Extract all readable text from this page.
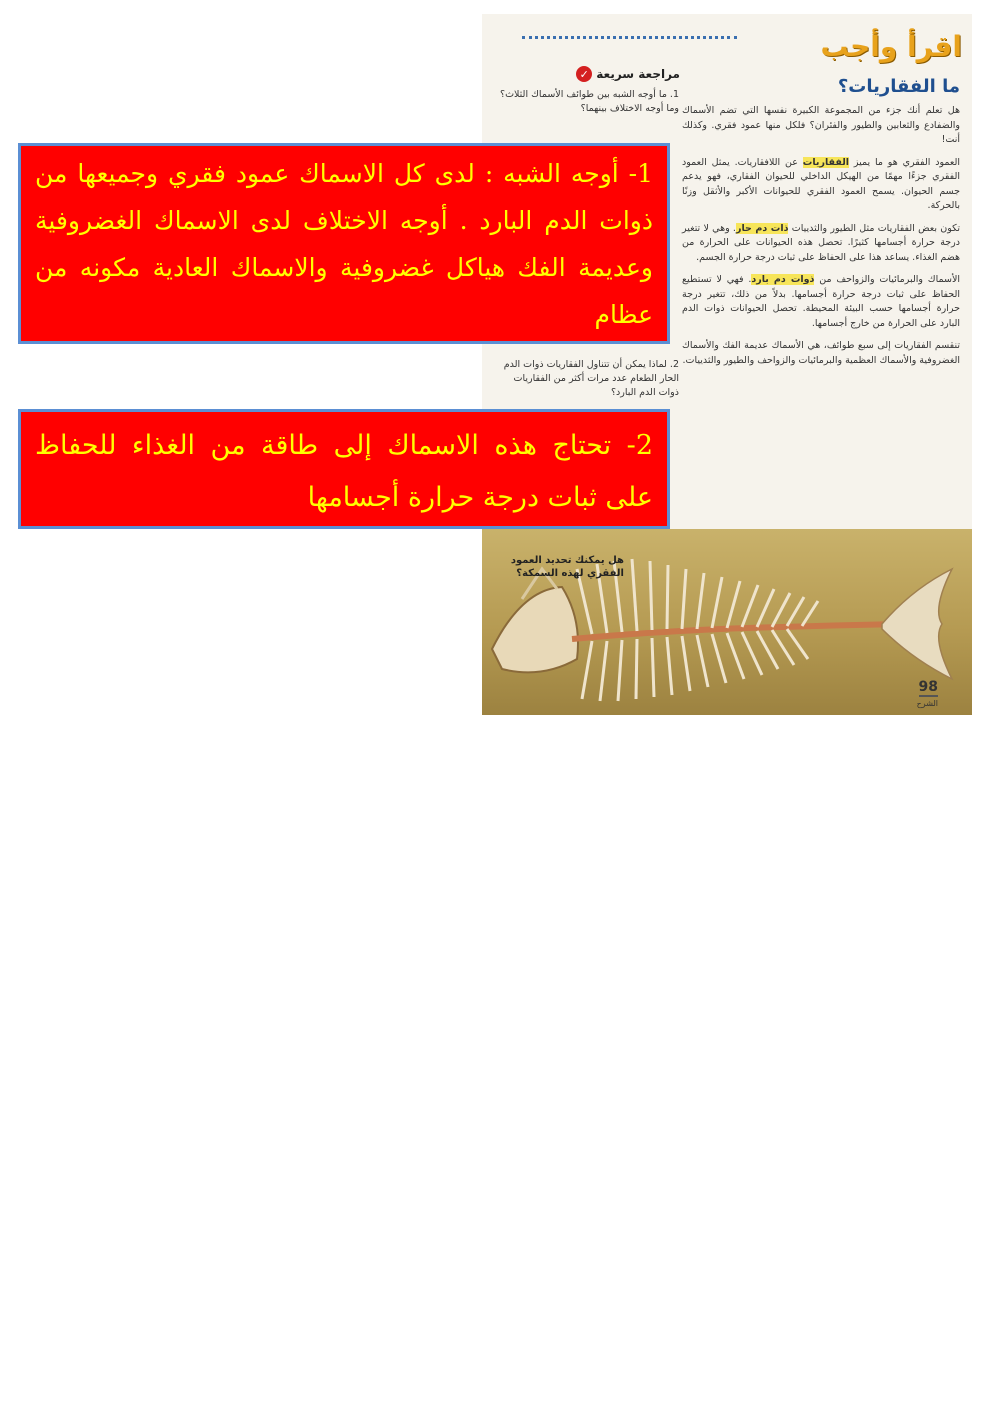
اقرأ وأجب
ما الفقاريات؟
مراجعة سريعة
✓
1. ما أوجه الشبه بين طوائف الأسماك الثلاث؟ وما أوجه الاختلاف بينهما؟
2. لماذا يمكن أن تتناول الفقاريات ذوات الدم الحار الطعام عدد مرات أكثر من الفقاريات ذوات الدم البارد؟

هل تعلم أنك جزء من المجموعة الكبيرة نفسها التي تضم الأسماك والضفادع والثعابين والطيور والفئران؟ فلكل منها عمود فقري. وكذلك أنت!

العمود الفقري هو ما يميز الفقاريات عن اللافقاريات. يمثل العمود الفقري جزءًا مهمًا من الهيكل الداخلي للحيوان الفقاري، فهو يدعم جسم الحيوان. يسمح العمود الفقري للحيوانات الأكبر والأثقل وزنًا بالحركة.

تكون بعض الفقاريات مثل الطيور والثدييات ذات دم حار. وهي لا تتغير درجة حرارة أجسامها كثيرًا. تحصل هذه الحيوانات على الحرارة من هضم الغذاء. يساعد هذا على الحفاظ على ثبات درجة حرارة الجسم.

الأسماك والبرمائيات والزواحف من ذوات دم بارد. فهي لا تستطيع الحفاظ على ثبات درجة حرارة أجسامها. بدلاً من ذلك، تتغير درجة حرارة أجسامها حسب البيئة المحيطة. تحصل الحيوانات ذوات الدم البارد على الحرارة من خارج أجسامها.

تنقسم الفقاريات إلى سبع طوائف، هي الأسماك عديمة الفك والأسماك الغضروفية والأسماك العظمية والبرمائيات والزواحف والطيور والثدييات.

هل يمكنك تحديد العمود الفقري لهذه السمكة؟
98
الشرح
1- أوجه الشبه : لدى كل الاسماك عمود فقري وجميعها من ذوات الدم البارد . أوجه الاختلاف لدى الاسماك الغضروفية وعديمة الفك هياكل غضروفية والاسماك العادية مكونه من عظام
2- تحتاج هذه الاسماك إلى طاقة من الغذاء للحفاظ على ثبات درجة حرارة أجسامها
